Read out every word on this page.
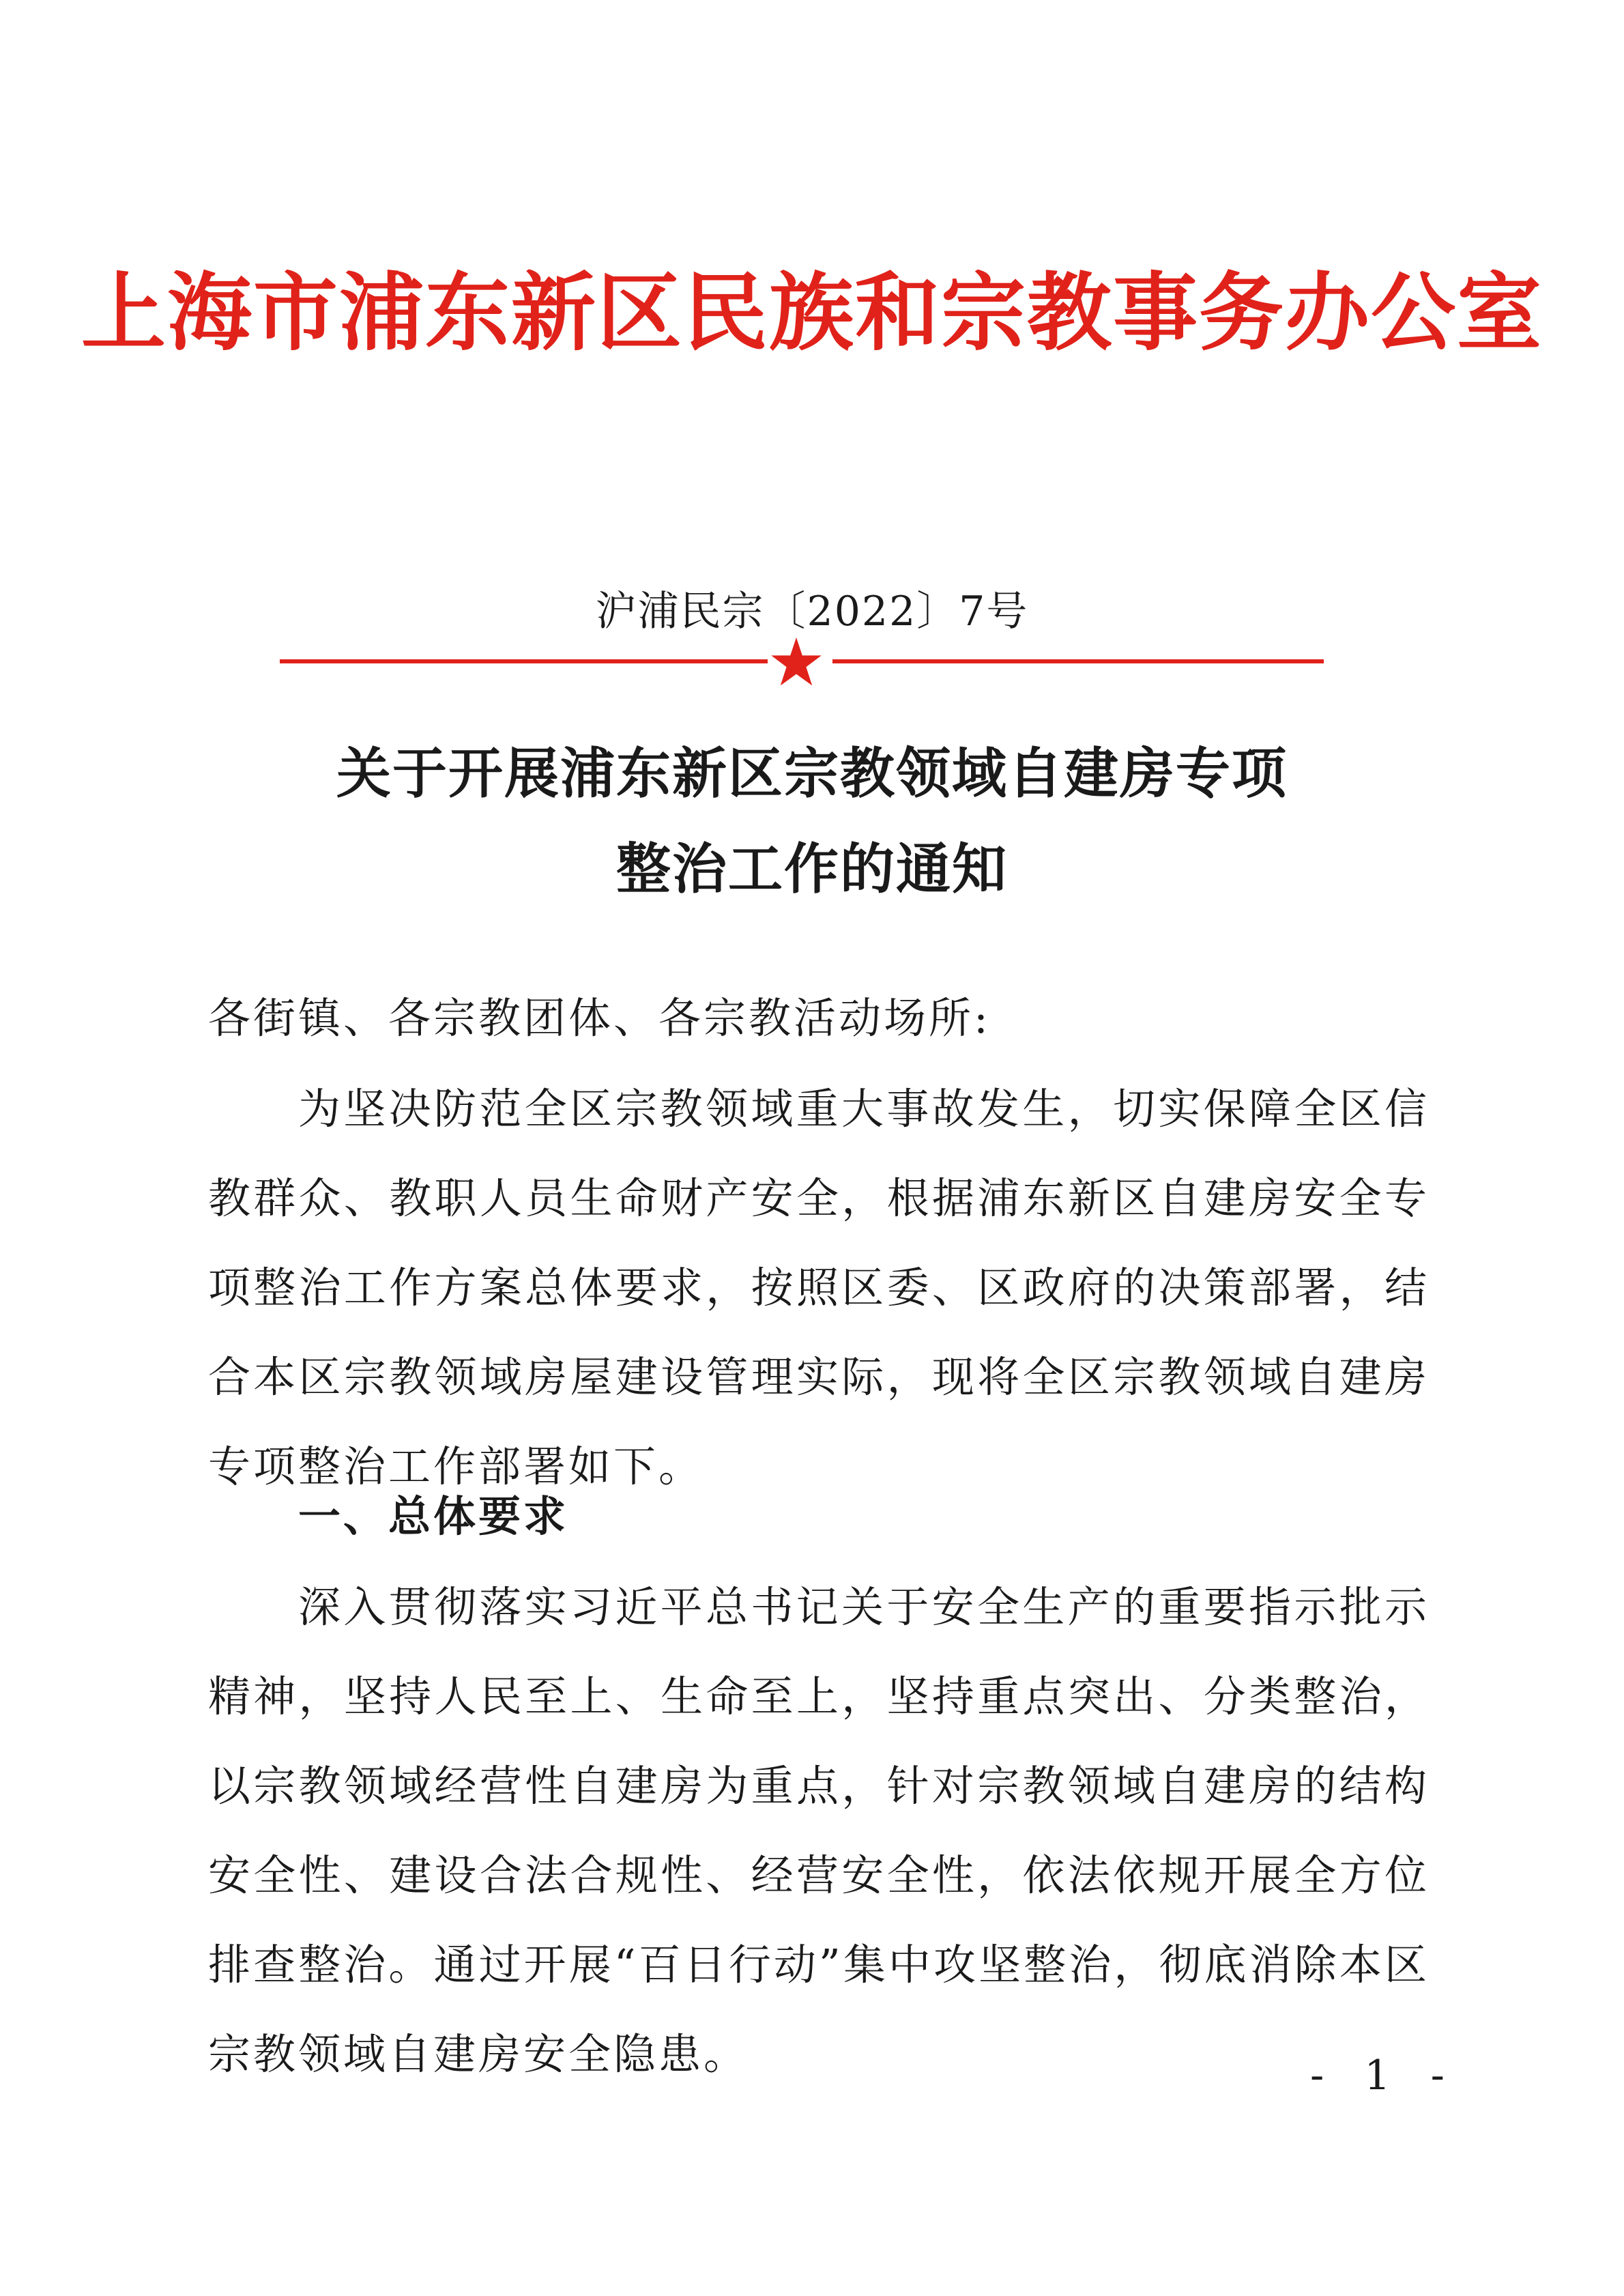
上海市浦东新区民族和宗教事务办公室
沪浦民宗〔2022〕7号
关于开展浦东新区宗教领域自建房专项
整治工作的通知
各街镇、各宗教团体、各宗教活动场所:
为坚决防范全区宗教领域重大事故发生，切实保障全区信教群众、教职人员生命财产安全，根据浦东新区自建房安全专项整治工作方案总体要求，按照区委、区政府的决策部署，结合本区宗教领域房屋建设管理实际，现将全区宗教领域自建房专项整治工作部署如下。
一、总体要求
深入贯彻落实习近平总书记关于安全生产的重要指示批示精神，坚持人民至上、生命至上，坚持重点突出、分类整治，以宗教领域经营性自建房为重点，针对宗教领域自建房的结构安全性、建设合法合规性、经营安全性，依法依规开展全方位排查整治。通过开展“百日行动”集中攻坚整治，彻底消除本区宗教领域自建房安全隐患。	- 1 -
